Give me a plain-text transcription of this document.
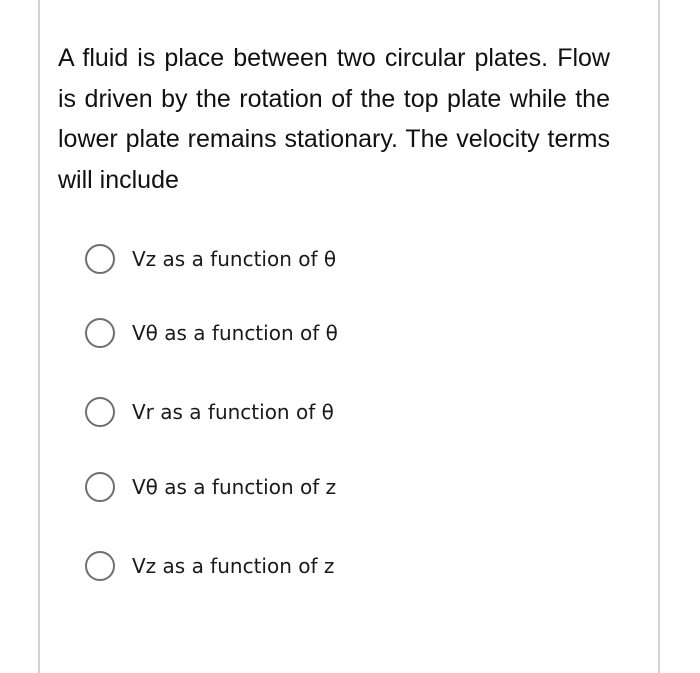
A fluid is place between two circular plates. Flow is driven by the rotation of the top plate while the lower plate remains stationary. The velocity terms will include

Vz as a function of θ
Vθ as a function of θ
Vr as a function of θ
Vθ as a function of z
Vz as a function of z
